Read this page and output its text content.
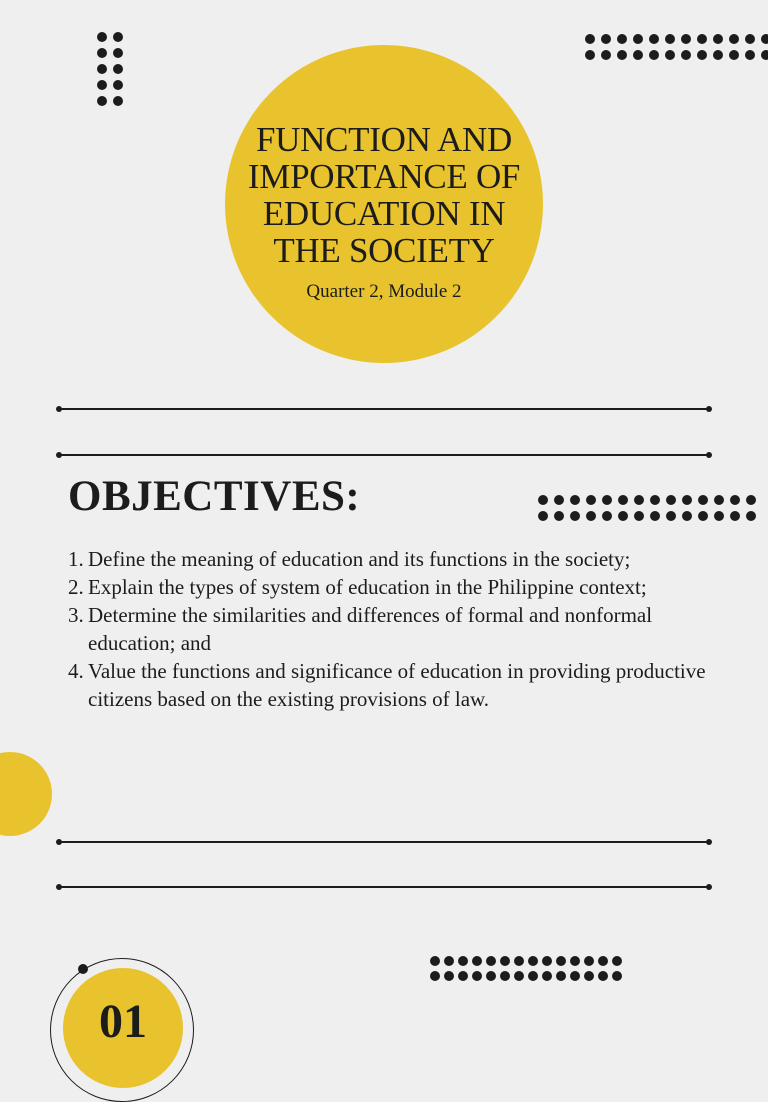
FUNCTION AND
IMPORTANCE OF
EDUCATION IN
THE SOCIETY
Quarter 2, Module 2
OBJECTIVES:
1. Define the meaning of education and its functions in the society;
2. Explain the types of system of education in the Philippine context;
3. Determine the similarities and differences of formal and nonformal education; and
4. Value the functions and significance of education in providing productive citizens based on the existing provisions of law.
01
